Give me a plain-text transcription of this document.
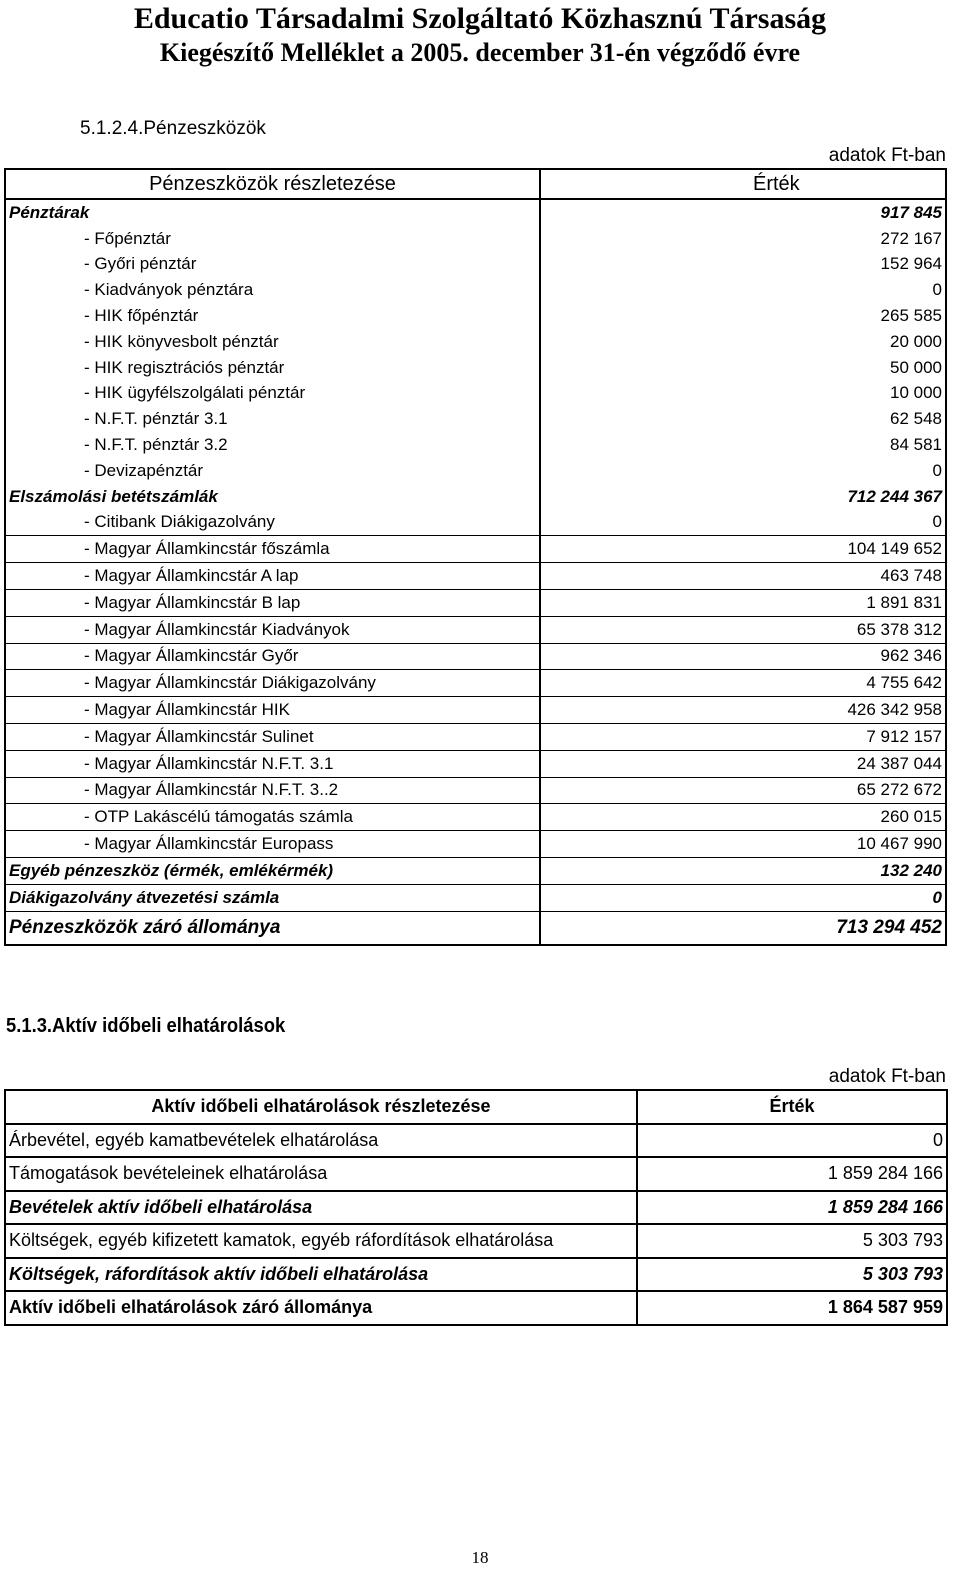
Educatio Társadalmi Szolgáltató Közhasznú Társaság
Kiegészítő Melléklet a 2005. december 31-én végződő évre
5.1.2.4.Pénzeszközök
adatok Ft-ban
Pénzeszközök részletezése	Érték
Pénztárak	917 845
- Főpénztár	272 167
- Győri pénztár	152 964
- Kiadványok pénztára	0
- HIK főpénztár	265 585
- HIK könyvesbolt pénztár	20 000
- HIK regisztrációs pénztár	50 000
- HIK ügyfélszolgálati pénztár	10 000
- N.F.T. pénztár 3.1	62 548
- N.F.T. pénztár 3.2	84 581
- Devizapénztár	0
Elszámolási betétszámlák	712 244 367
- Citibank Diákigazolvány	0
- Magyar Államkincstár főszámla	104 149 652
- Magyar Államkincstár A lap	463 748
- Magyar Államkincstár B lap	1 891 831
- Magyar Államkincstár Kiadványok	65 378 312
- Magyar Államkincstár Győr	962 346
- Magyar Államkincstár Diákigazolvány	4 755 642
- Magyar Államkincstár HIK	426 342 958
- Magyar Államkincstár Sulinet	7 912 157
- Magyar Államkincstár N.F.T. 3.1	24 387 044
- Magyar Államkincstár N.F.T. 3..2	65 272 672
- OTP Lakáscélú támogatás számla	260 015
- Magyar Államkincstár Europass	10 467 990
Egyéb pénzeszköz (érmék, emlékérmék)	132 240
Diákigazolvány átvezetési számla	0
Pénzeszközök záró állománya	713 294 452
5.1.3.Aktív időbeli elhatárolások
adatok Ft-ban
Aktív időbeli elhatárolások részletezése	Érték
Árbevétel, egyéb kamatbevételek elhatárolása	0
Támogatások bevételeinek elhatárolása	1 859 284 166
Bevételek aktív időbeli elhatárolása	1 859 284 166
Költségek, egyéb kifizetett kamatok, egyéb ráfordítások elhatárolása	5 303 793
Költségek, ráfordítások aktív időbeli elhatárolása	5 303 793
Aktív időbeli elhatárolások záró állománya	1 864 587 959
18
